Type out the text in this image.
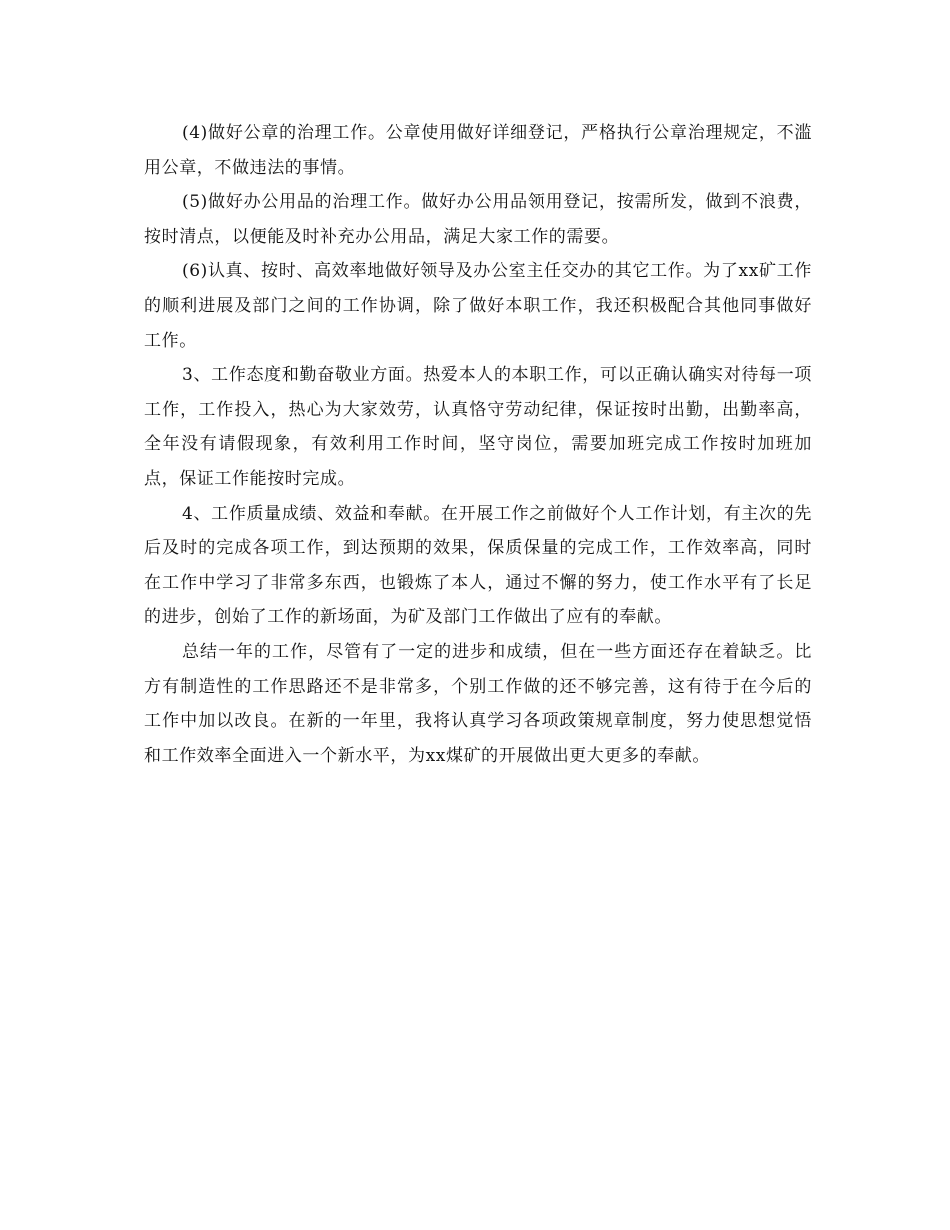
(4)做好公章的治理工作。公章使用做好详细登记，严格执行公章治理规定，不滥用公章，不做违法的事情。

(5)做好办公用品的治理工作。做好办公用品领用登记，按需所发，做到不浪费，按时清点，以便能及时补充办公用品，满足大家工作的需要。

(6)认真、按时、高效率地做好领导及办公室主任交办的其它工作。为了xx矿工作的顺利进展及部门之间的工作协调，除了做好本职工作，我还积极配合其他同事做好工作。

3、工作态度和勤奋敬业方面。热爱本人的本职工作，可以正确认确实对待每一项工作，工作投入，热心为大家效劳，认真恪守劳动纪律，保证按时出勤，出勤率高，全年没有请假现象，有效利用工作时间，坚守岗位，需要加班完成工作按时加班加点，保证工作能按时完成。

4、工作质量成绩、效益和奉献。在开展工作之前做好个人工作计划，有主次的先后及时的完成各项工作，到达预期的效果，保质保量的完成工作，工作效率高，同时在工作中学习了非常多东西，也锻炼了本人，通过不懈的努力，使工作水平有了长足的进步，创始了工作的新场面，为矿及部门工作做出了应有的奉献。

总结一年的工作，尽管有了一定的进步和成绩，但在一些方面还存在着缺乏。比方有制造性的工作思路还不是非常多，个别工作做的还不够完善，这有待于在今后的工作中加以改良。在新的一年里，我将认真学习各项政策规章制度，努力使思想觉悟和工作效率全面进入一个新水平，为xx煤矿的开展做出更大更多的奉献。
